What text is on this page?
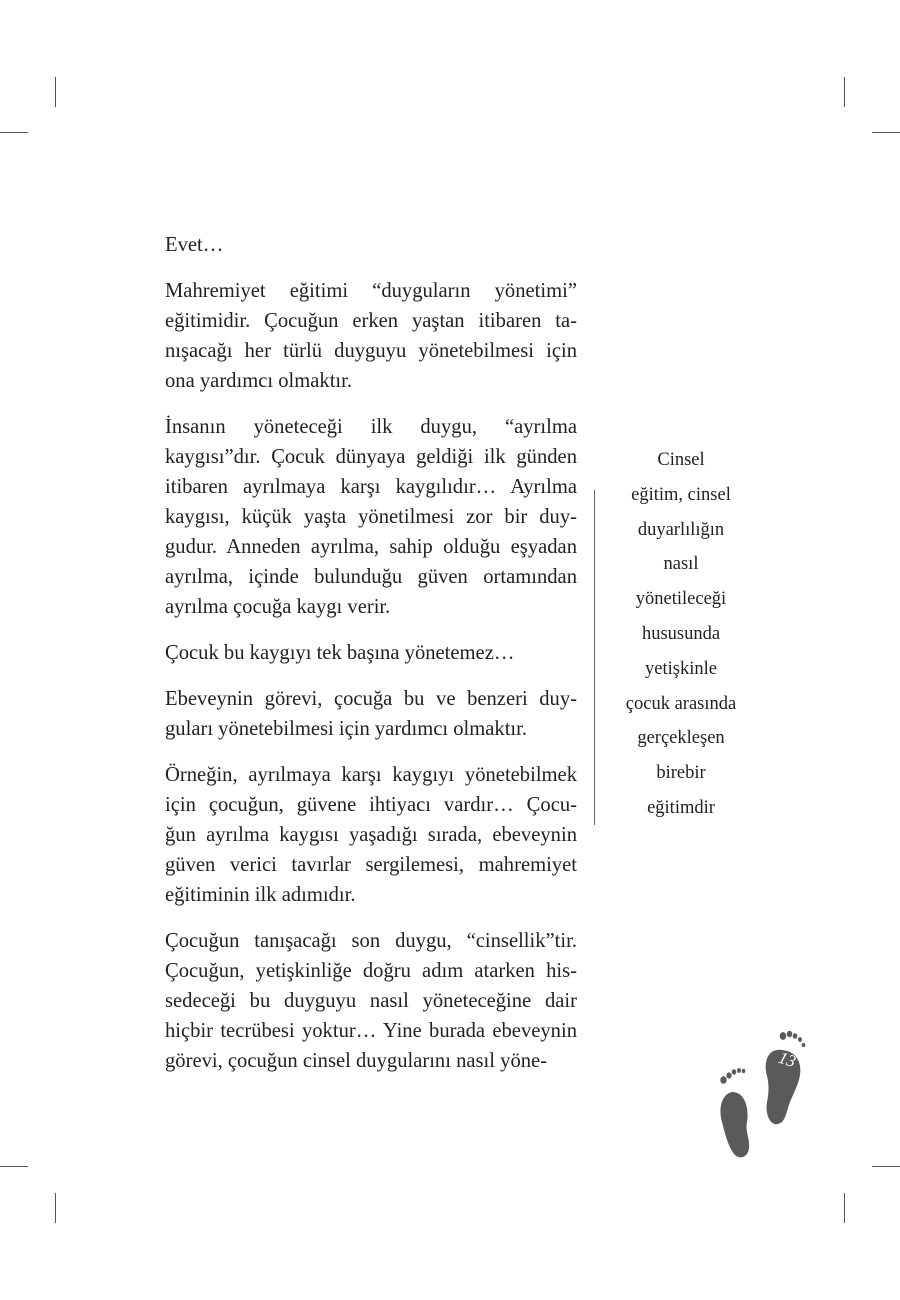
Evet…

Mahremiyet eğitimi “duyguların yönetimi”
eğitimidir. Çocuğun erken yaştan itibaren ta-
nışacağı her türlü duyguyu yönetebilmesi için
ona yardımcı olmaktır.

İnsanın yöneteceği ilk duygu, “ayrılma
kaygısı”dır. Çocuk dünyaya geldiği ilk günden
itibaren ayrılmaya karşı kaygılıdır… Ayrılma
kaygısı, küçük yaşta yönetilmesi zor bir duy-
gudur. Anneden ayrılma, sahip olduğu eşyadan
ayrılma, içinde bulunduğu güven ortamından
ayrılma çocuğa kaygı verir.

Çocuk bu kaygıyı tek başına yönetemez…

Ebeveynin görevi, çocuğa bu ve benzeri duy-
guları yönetebilmesi için yardımcı olmaktır.

Örneğin, ayrılmaya karşı kaygıyı yönetebilmek
için çocuğun, güvene ihtiyacı vardır… Çocu-
ğun ayrılma kaygısı yaşadığı sırada, ebeveynin
güven verici tavırlar sergilemesi, mahremiyet
eğitiminin ilk adımıdır.

Çocuğun tanışacağı son duygu, “cinsellik”tir.
Çocuğun, yetişkinliğe doğru adım atarken his-
sedeceği bu duyguyu nasıl yöneteceğine dair
hiçbir tecrübesi yoktur… Yine burada ebeveynin
görevi, çocuğun cinsel duygularını nasıl yöne-

Cinsel
eğitim, cinsel
duyarlılığın
nasıl
yönetileceği
hususunda
yetişkinle
çocuk arasında
gerçekleşen
birebir
eğitimdir
13
